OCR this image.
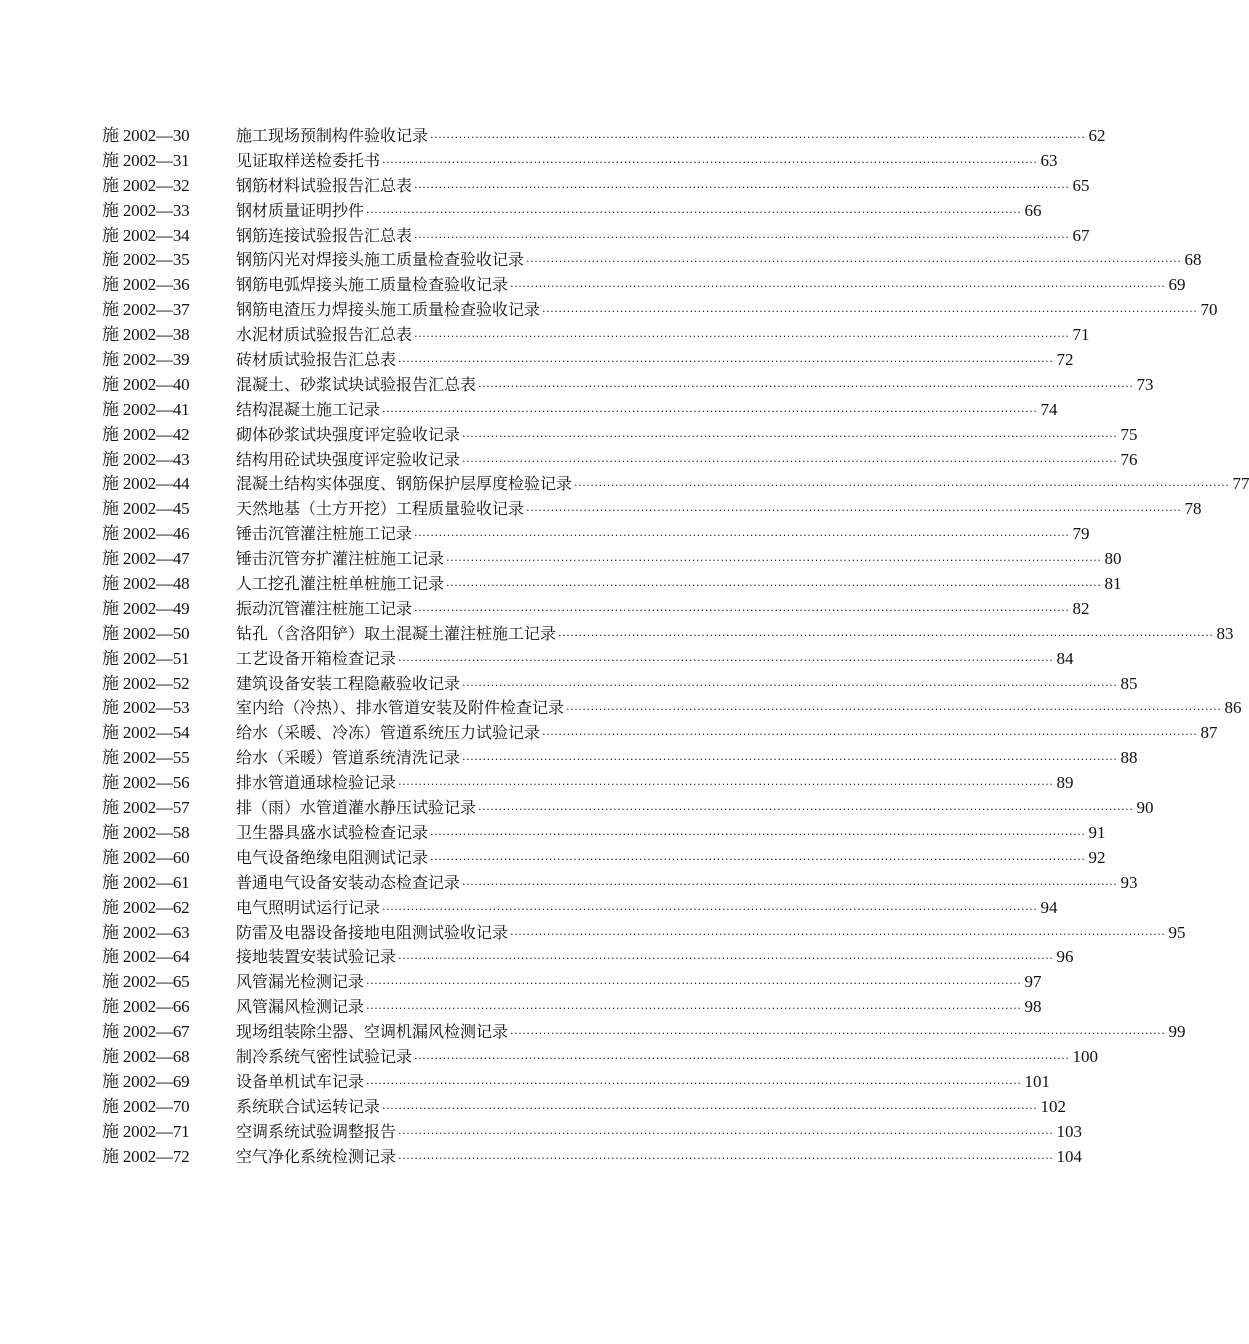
施 2002—30	施工现场预制构件验收记录 ································································································································································ 62
施 2002—31	见证取样送检委托书 ································································································································································ 63
施 2002—32	钢筋材料试验报告汇总表 ································································································································································ 65
施 2002—33	钢材质量证明抄件 ································································································································································ 66
施 2002—34	钢筋连接试验报告汇总表 ································································································································································ 67
施 2002—35	钢筋闪光对焊接头施工质量检查验收记录 ································································································································································ 68
施 2002—36	钢筋电弧焊接头施工质量检查验收记录 ································································································································································ 69
施 2002—37	钢筋电渣压力焊接头施工质量检查验收记录 ································································································································································ 70
施 2002—38	水泥材质试验报告汇总表 ································································································································································ 71
施 2002—39	砖材质试验报告汇总表 ································································································································································ 72
施 2002—40	混凝土、砂浆试块试验报告汇总表 ································································································································································ 73
施 2002—41	结构混凝土施工记录 ································································································································································ 74
施 2002—42	砌体砂浆试块强度评定验收记录 ································································································································································ 75
施 2002—43	结构用砼试块强度评定验收记录 ································································································································································ 76
施 2002—44	混凝土结构实体强度、钢筋保护层厚度检验记录 ································································································································································ 77
施 2002—45	天然地基（土方开挖）工程质量验收记录 ································································································································································ 78
施 2002—46	锤击沉管灌注桩施工记录 ································································································································································ 79
施 2002—47	锤击沉管夯扩灌注桩施工记录 ································································································································································ 80
施 2002—48	人工挖孔灌注桩单桩施工记录 ································································································································································ 81
施 2002—49	振动沉管灌注桩施工记录 ································································································································································ 82
施 2002—50	钻孔（含洛阳铲）取土混凝土灌注桩施工记录 ································································································································································ 83
施 2002—51	工艺设备开箱检查记录 ································································································································································ 84
施 2002—52	建筑设备安装工程隐蔽验收记录 ································································································································································ 85
施 2002—53	室内给（冷热）、排水管道安装及附件检查记录 ································································································································································ 86
施 2002—54	给水（采暖、冷冻）管道系统压力试验记录 ································································································································································ 87
施 2002—55	给水（采暖）管道系统清洗记录 ································································································································································ 88
施 2002—56	排水管道通球检验记录 ································································································································································ 89
施 2002—57	排（雨）水管道灌水静压试验记录 ································································································································································ 90
施 2002—58	卫生器具盛水试验检查记录 ································································································································································ 91
施 2002—60	电气设备绝缘电阻测试记录 ································································································································································ 92
施 2002—61	普通电气设备安装动态检查记录 ································································································································································ 93
施 2002—62	电气照明试运行记录 ································································································································································ 94
施 2002—63	防雷及电器设备接地电阻测试验收记录 ································································································································································ 95
施 2002—64	接地装置安装试验记录 ································································································································································ 96
施 2002—65	风管漏光检测记录 ································································································································································ 97
施 2002—66	风管漏风检测记录 ································································································································································ 98
施 2002—67	现场组装除尘器、空调机漏风检测记录 ································································································································································ 99
施 2002—68	制冷系统气密性试验记录 ································································································································································ 100
施 2002—69	设备单机试车记录 ································································································································································ 101
施 2002—70	系统联合试运转记录 ································································································································································ 102
施 2002—71	空调系统试验调整报告 ································································································································································ 103
施 2002—72	空气净化系统检测记录 ································································································································································ 104
